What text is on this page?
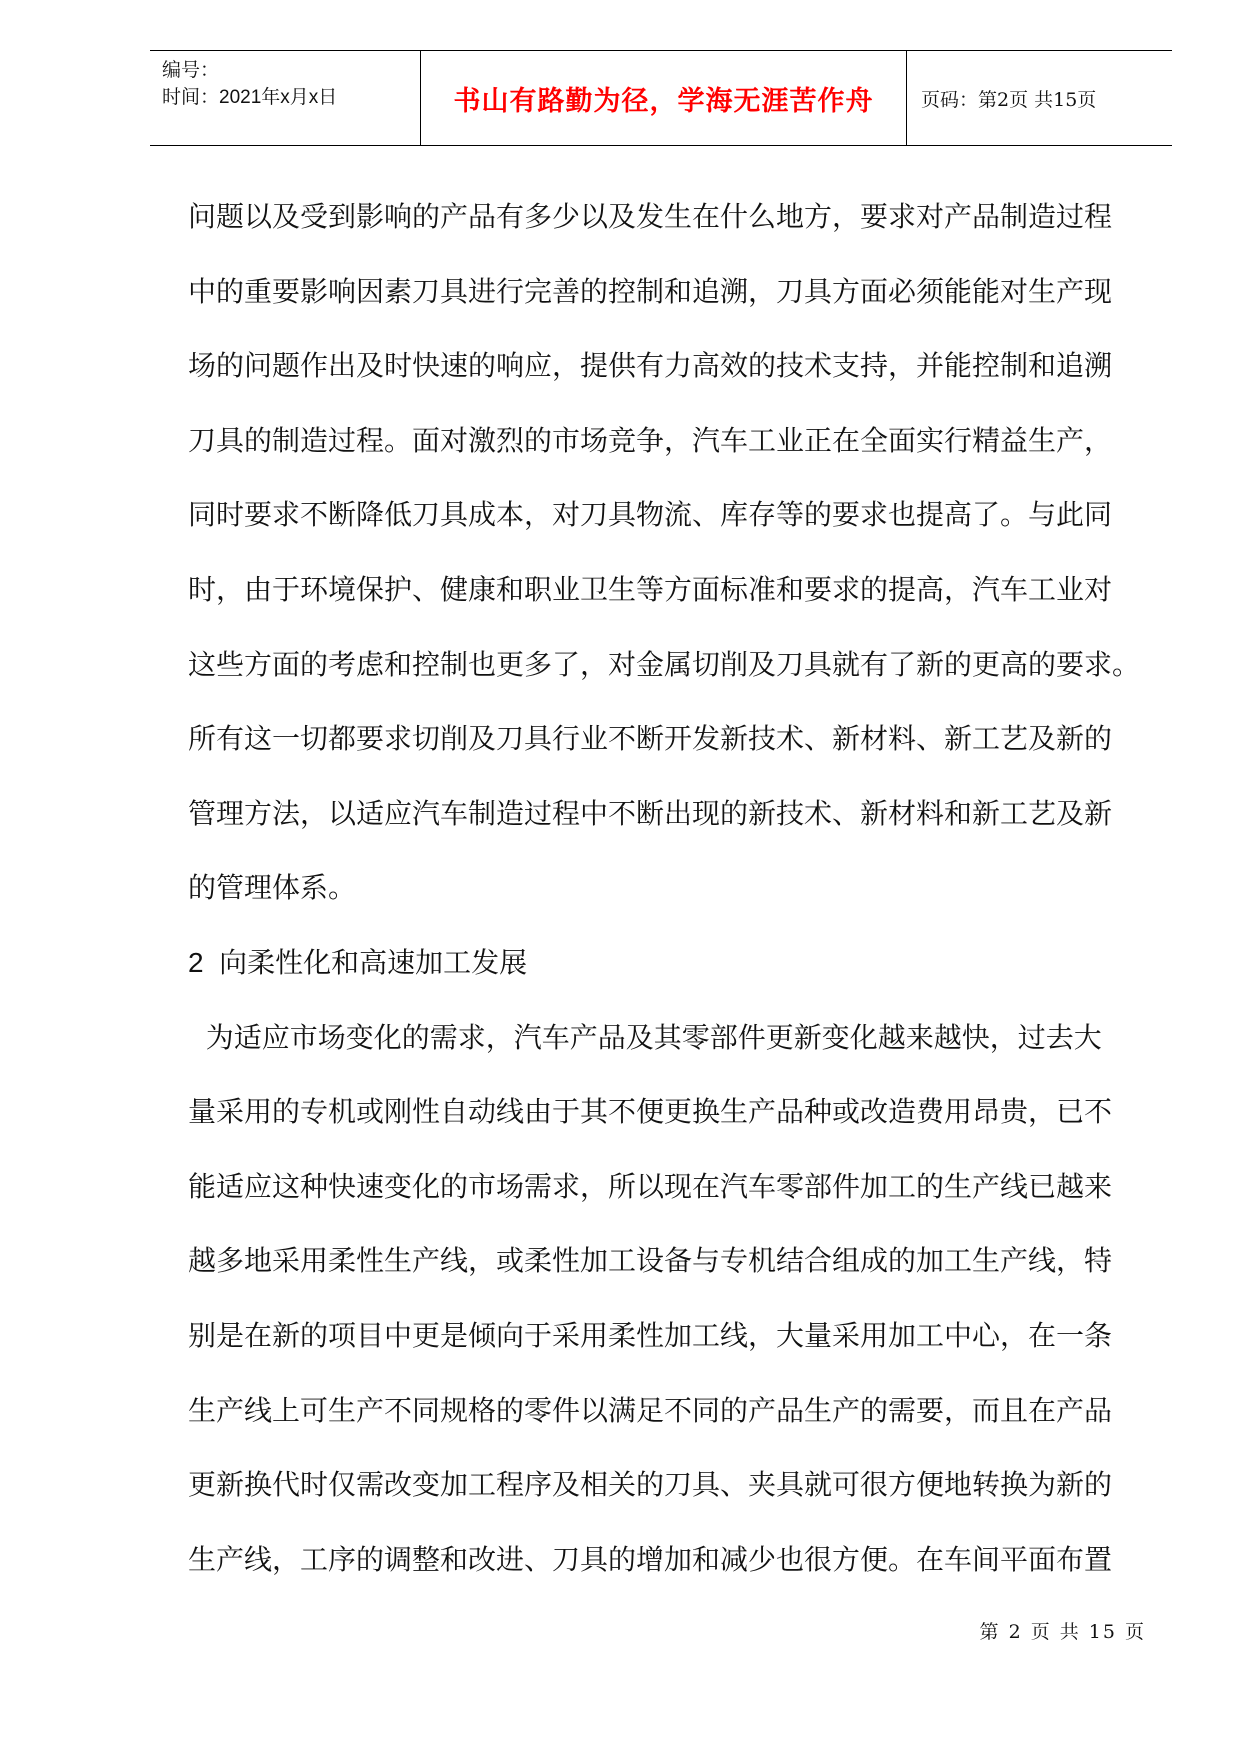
编号：
时间：2021年x月x日	书山有路勤为径，学海无涯苦作舟	页码：第2页 共15页

问题以及受到影响的产品有多少以及发生在什么地方，要求对产品制造过程

中的重要影响因素刀具进行完善的控制和追溯，刀具方面必须能能对生产现

场的问题作出及时快速的响应，提供有力高效的技术支持，并能控制和追溯

刀具的制造过程。面对激烈的市场竞争，汽车工业正在全面实行精益生产，

同时要求不断降低刀具成本，对刀具物流、库存等的要求也提高了。与此同

时，由于环境保护、健康和职业卫生等方面标准和要求的提高，汽车工业对

这些方面的考虑和控制也更多了，对金属切削及刀具就有了新的更高的要求。

所有这一切都要求切削及刀具行业不断开发新技术、新材料、新工艺及新的

管理方法，以适应汽车制造过程中不断出现的新技术、新材料和新工艺及新

的管理体系。

2 向柔性化和高速加工发展

为适应市场变化的需求，汽车产品及其零部件更新变化越来越快，过去大

量采用的专机或刚性自动线由于其不便更换生产品种或改造费用昂贵，已不

能适应这种快速变化的市场需求，所以现在汽车零部件加工的生产线已越来

越多地采用柔性生产线，或柔性加工设备与专机结合组成的加工生产线，特

别是在新的项目中更是倾向于采用柔性加工线，大量采用加工中心，在一条

生产线上可生产不同规格的零件以满足不同的产品生产的需要，而且在产品

更新换代时仅需改变加工程序及相关的刀具、夹具就可很方便地转换为新的

生产线，工序的调整和改进、刀具的增加和减少也很方便。在车间平面布置

第 2 页 共 15 页
